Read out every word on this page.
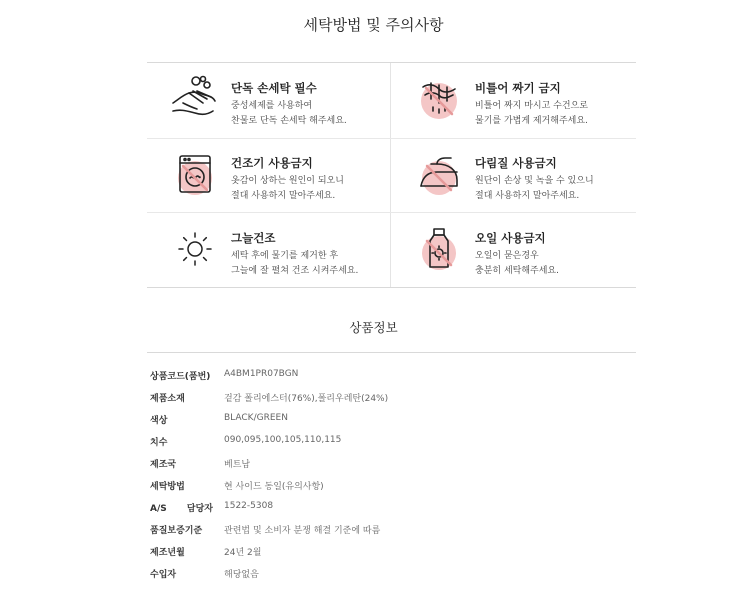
세탁방법 및 주의사항
단독 손세탁 필수
중성세제를 사용하여
찬물로 단독 손세탁 해주세요.
비틀어 짜기 금지
비틀어 짜지 마시고 수건으로
물기를 가볍게 제거해주세요.
건조기 사용금지
옷감이 상하는 원인이 되오니
절대 사용하지 말아주세요.
다림질 사용금지
원단이 손상 및 녹을 수 있으니
절대 사용하지 말아주세요.
그늘건조
세탁 후에 물기를 제거한 후
그늘에 잘 펼쳐 건조 시켜주세요.
오일 사용금지
오일이 묻은경우
충분히 세탁해주세요.
상품정보
상품코드(품번) A4BM1PR07BGN
제품소재	겉감 폴리에스터(76%),폴리우레탄(24%)
색상	BLACK/GREEN
치수	090,095,100,105,110,115
제조국	베트남
세탁방법	현 사이드 동일(유의사항)
A/S 담당자 1522-5308
품질보증기준	관련법 및 소비자 분쟁 해결 기준에 따름
제조년월	24년 2월
수입자	해당없음
